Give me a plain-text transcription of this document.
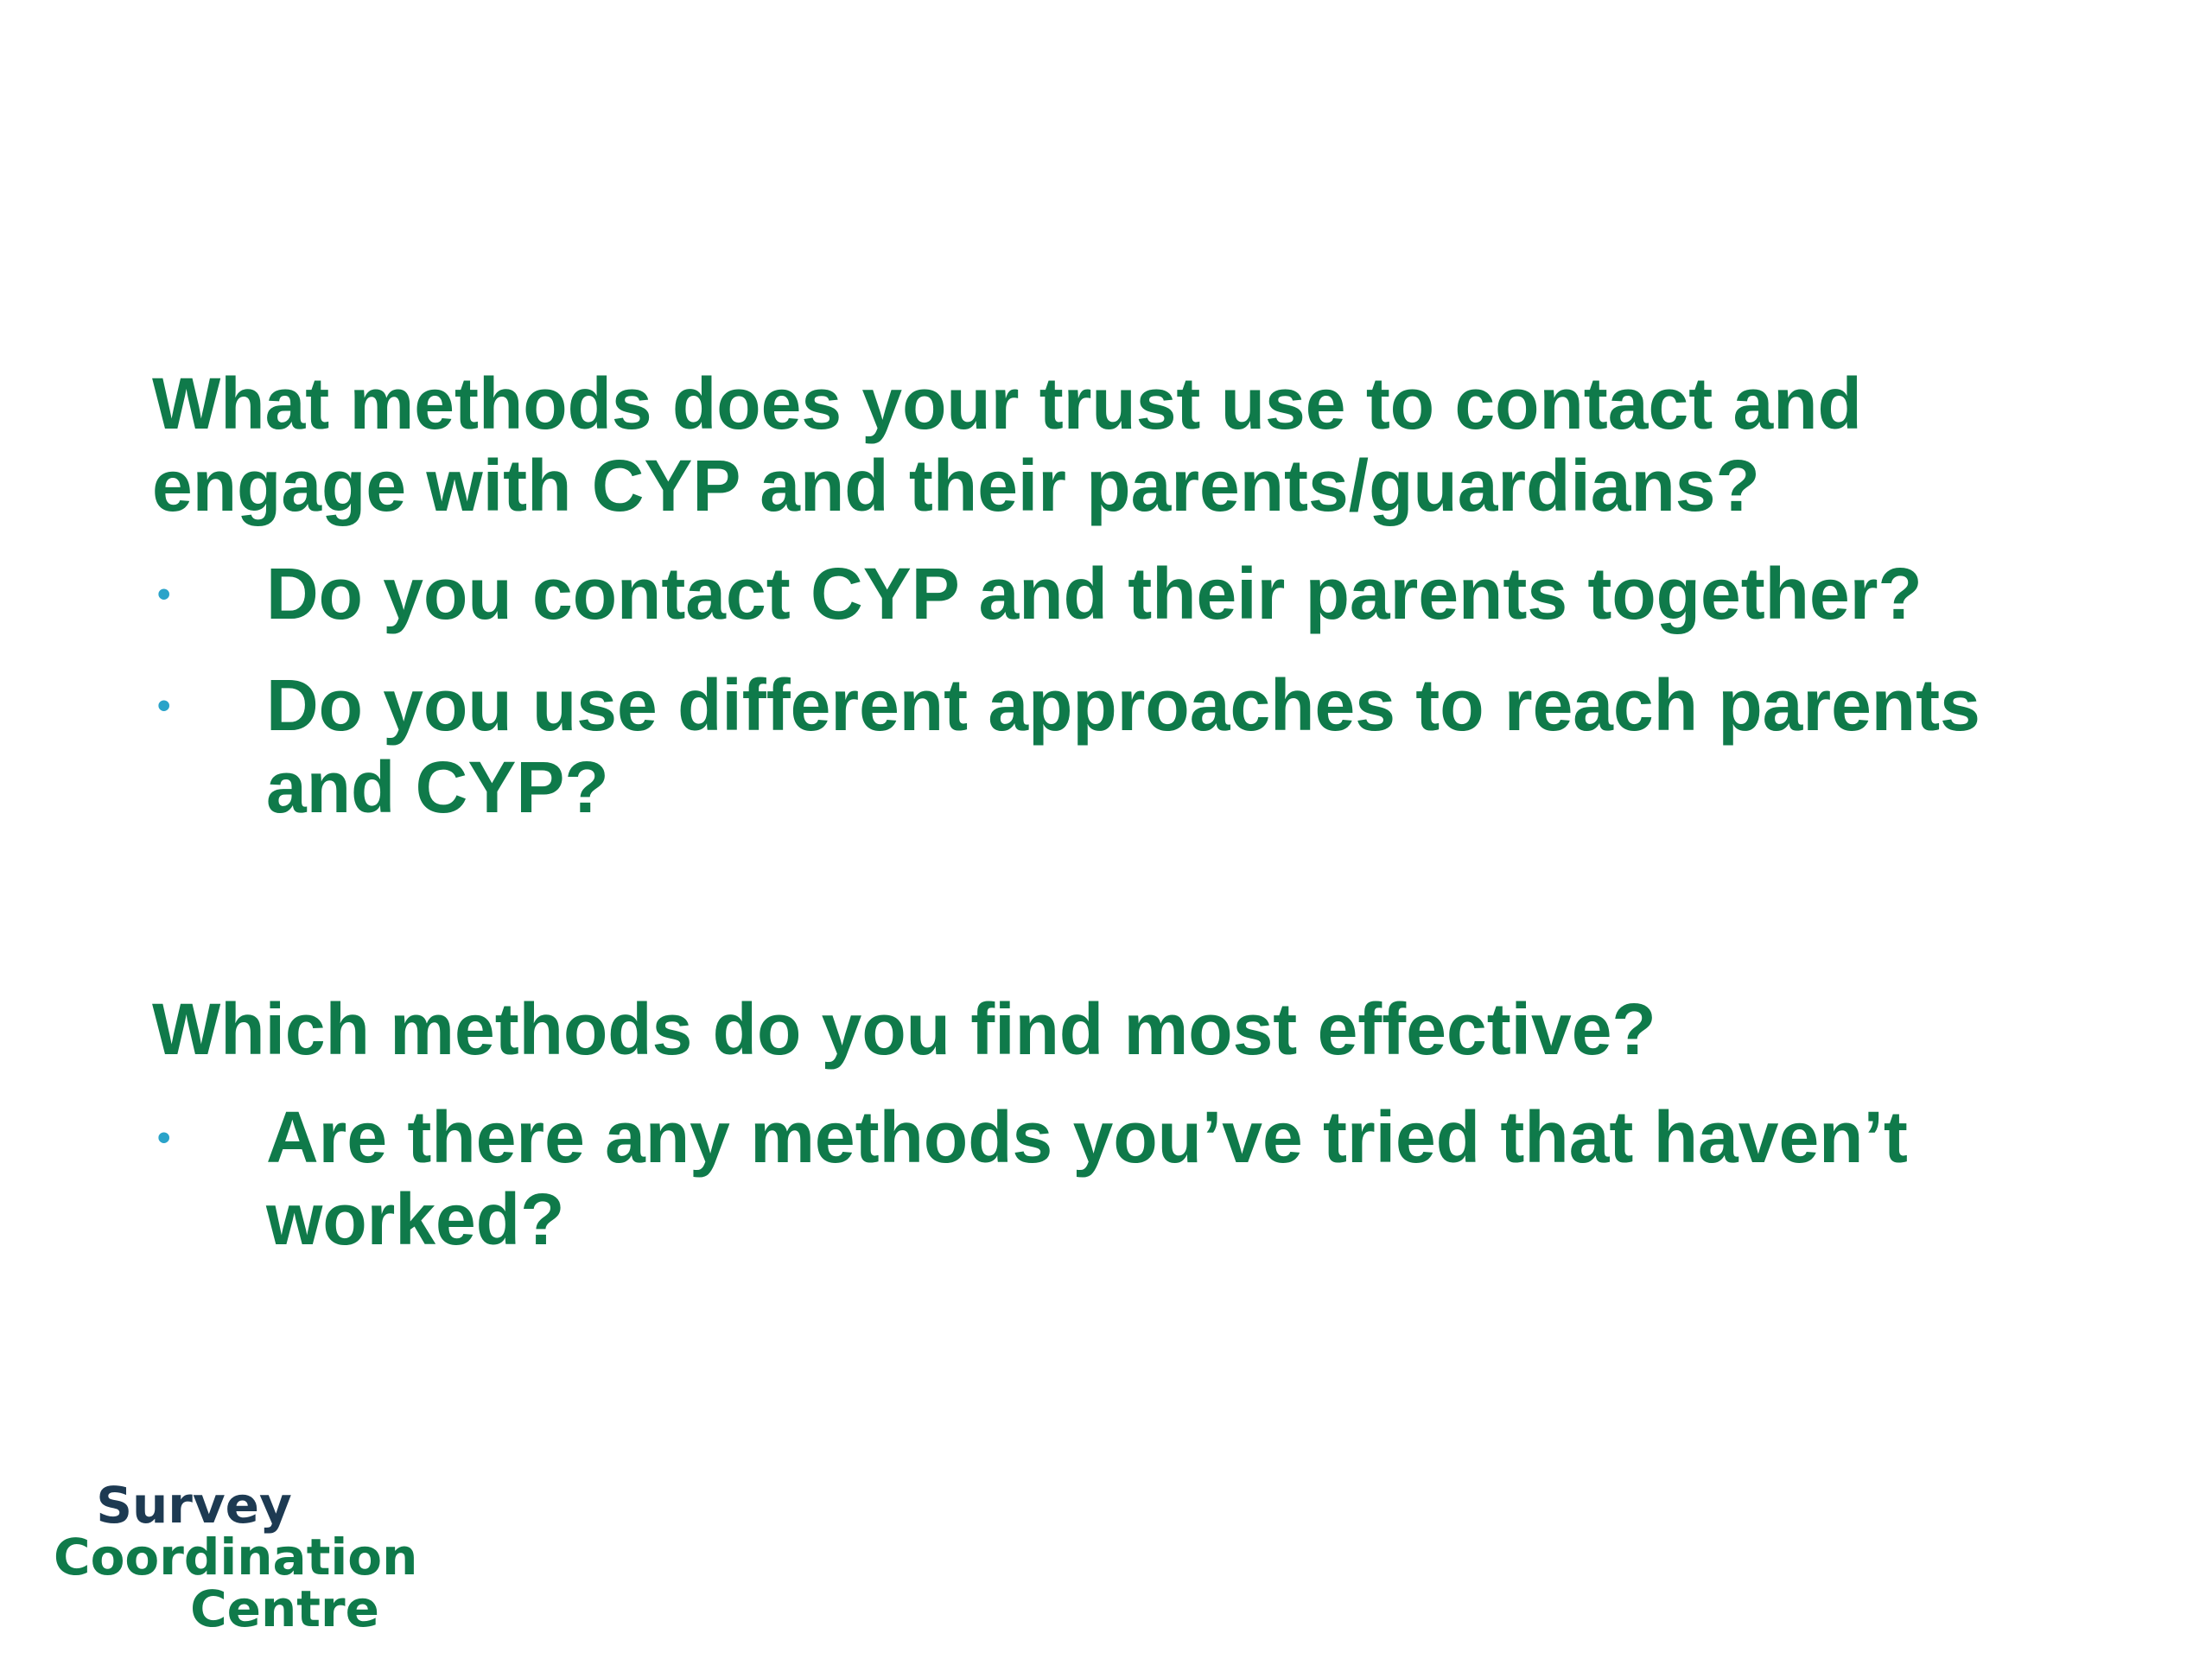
What methods does your trust use to contact and engage with CYP and their parents/guardians?

• Do you contact CYP and their parents together?
• Do you use different approaches to reach parents and CYP?

Which methods do you find most effective?

• Are there any methods you’ve tried that haven’t worked?
Survey
Coordination
Centre
